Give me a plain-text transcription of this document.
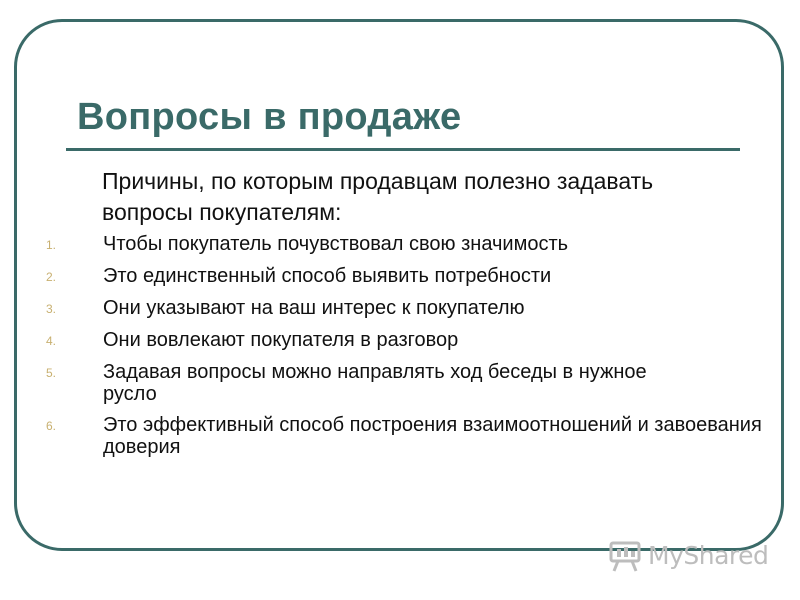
Вопросы в продаже

Причины, по которым продавцам полезно задавать вопросы покупателям:

1.	Чтобы покупатель почувствовал свою значимость
2.	Это единственный способ выявить потребности
3.	Они указывают на ваш интерес к покупателю
4.	Они вовлекают покупателя в разговор
5.	Задавая вопросы можно направлять ход беседы в нужное русло
6.	Это эффективный способ построения взаимоотношений и завоевания доверия
MyShared
